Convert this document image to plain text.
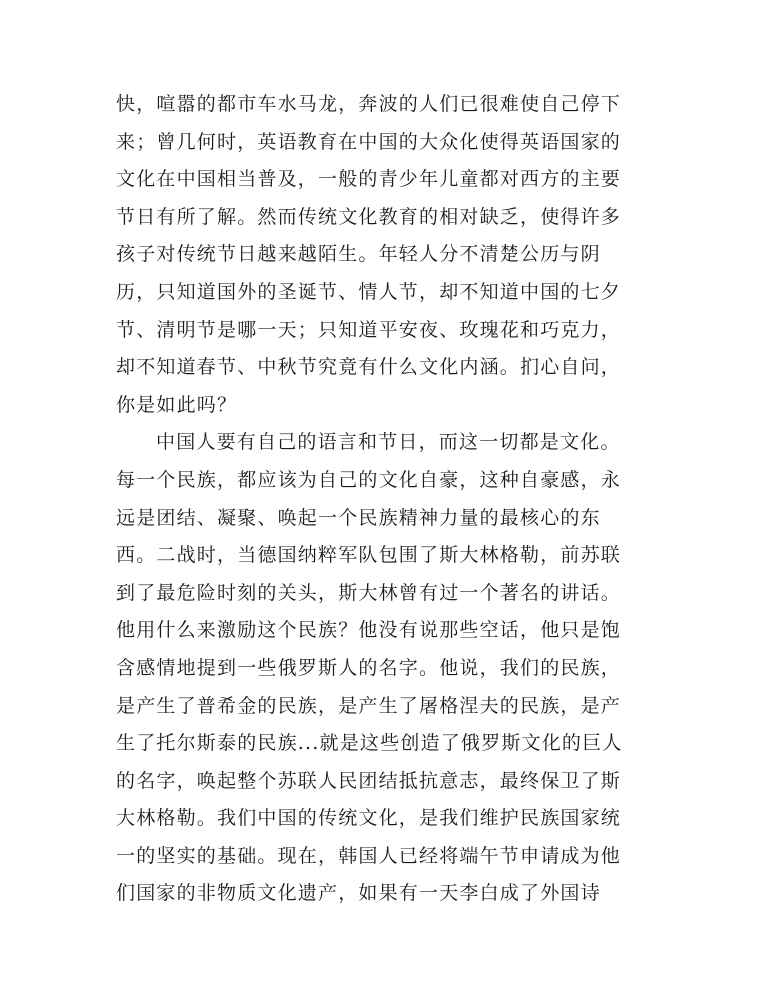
快，喧嚣的都市车水马龙，奔波的人们已很难使自己停下
来；曾几何时，英语教育在中国的大众化使得英语国家的
文化在中国相当普及，一般的青少年儿童都对西方的主要
节日有所了解。然而传统文化教育的相对缺乏，使得许多
孩子对传统节日越来越陌生。年轻人分不清楚公历与阴
历，只知道国外的圣诞节、情人节，却不知道中国的七夕
节、清明节是哪一天；只知道平安夜、玫瑰花和巧克力，
却不知道春节、中秋节究竟有什么文化内涵。扪心自问，
你是如此吗？
中国人要有自己的语言和节日，而这一切都是文化。
每一个民族，都应该为自己的文化自豪，这种自豪感，永
远是团结、凝聚、唤起一个民族精神力量的最核心的东
西。二战时，当德国纳粹军队包围了斯大林格勒，前苏联
到了最危险时刻的关头，斯大林曾有过一个著名的讲话。
他用什么来激励这个民族？他没有说那些空话，他只是饱
含感情地提到一些俄罗斯人的名字。他说，我们的民族，
是产生了普希金的民族，是产生了屠格涅夫的民族，是产
生了托尔斯泰的民族...就是这些创造了俄罗斯文化的巨人
的名字，唤起整个苏联人民团结抵抗意志，最终保卫了斯
大林格勒。我们中国的传统文化，是我们维护民族国家统
一的坚实的基础。现在，韩国人已经将端午节申请成为他
们国家的非物质文化遗产，如果有一天李白成了外国诗
